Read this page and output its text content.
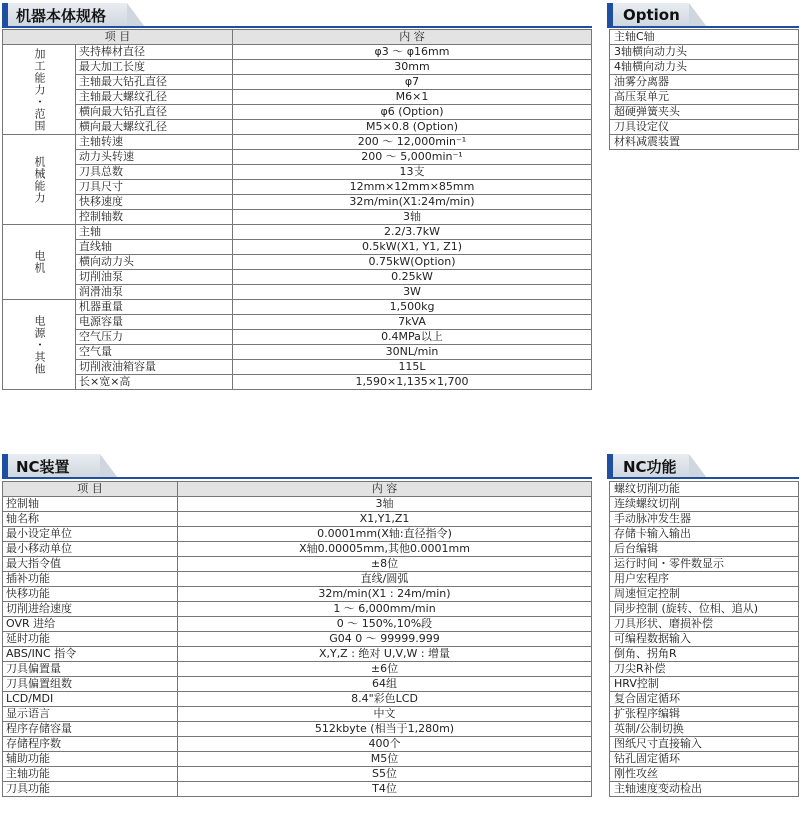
机器本体规格	Option
NC装置	NC功能
项 目		内 容
加工能力・范围	夹持棒材直径	φ3 ～ φ16mm
	最大加工长度	30mm
	主轴最大钻孔直径	φ7
	主轴最大螺纹孔径	M6×1
	横向最大钻孔直径	φ6 (Option)
	横向最大螺纹孔径	M5×0.8 (Option)
机械能力	主轴转速	200 ～ 12,000min⁻¹
	动力头转速	200 ～ 5,000min⁻¹
	刀具总数	13支
	刀具尺寸	12mm×12mm×85mm
	快移速度	32m/min(X1:24m/min)
	控制轴数	3轴
电机	主轴	2.2/3.7kW
	直线轴	0.5kW(X1, Y1, Z1)
	横向动力头	0.75kW(Option)
	切削油泵	0.25kW
	润滑油泵	3W
电源・其他	机器重量	1,500kg
	电源容量	7kVA
	空气压力	0.4MPa以上
	空气量	30NL/min
	切削液油箱容量	115L
	长×宽×高	1,590×1,135×1,700
主轴C轴
3轴横向动力头
4轴横向动力头
油雾分离器
高压泵单元
超硬弹簧夹头
刀具设定仪
材料减震装置
项 目	内 容
控制轴	3轴
轴名称	X1,Y1,Z1
最小设定单位	0.0001mm(X轴:直径指令)
最小移动单位	X轴0.00005mm,其他0.0001mm
最大指令值	±8位
插补功能	直线/圆弧
快移功能	32m/min(X1 : 24m/min)
切削进给速度	1 ～ 6,000mm/min
OVR 进给	0 ～ 150%,10%段
延时功能	G04 0 ～ 99999.999
ABS/INC 指令	X,Y,Z : 绝对 U,V,W : 增量
刀具偏置量	±6位
刀具偏置组数	64组
LCD/MDI	8.4"彩色LCD
显示语言	中文
程序存储容量	512kbyte (相当于1,280m)
存储程序数	400个
辅助功能	M5位
主轴功能	S5位
刀具功能	T4位
螺纹切削功能
连续螺纹切削
手动脉冲发生器
存储卡输入输出
后台编辑
运行时间・零件数显示
用户宏程序
周速恒定控制
同步控制 (旋转、位相、追从)
刀具形状、磨损补偿
可编程数据输入
倒角、拐角R
刀尖R补偿
HRV控制
复合固定循环
扩张程序编辑
英制/公制切换
图纸尺寸直接输入
钻孔固定循环
刚性攻丝
主轴速度变动检出
